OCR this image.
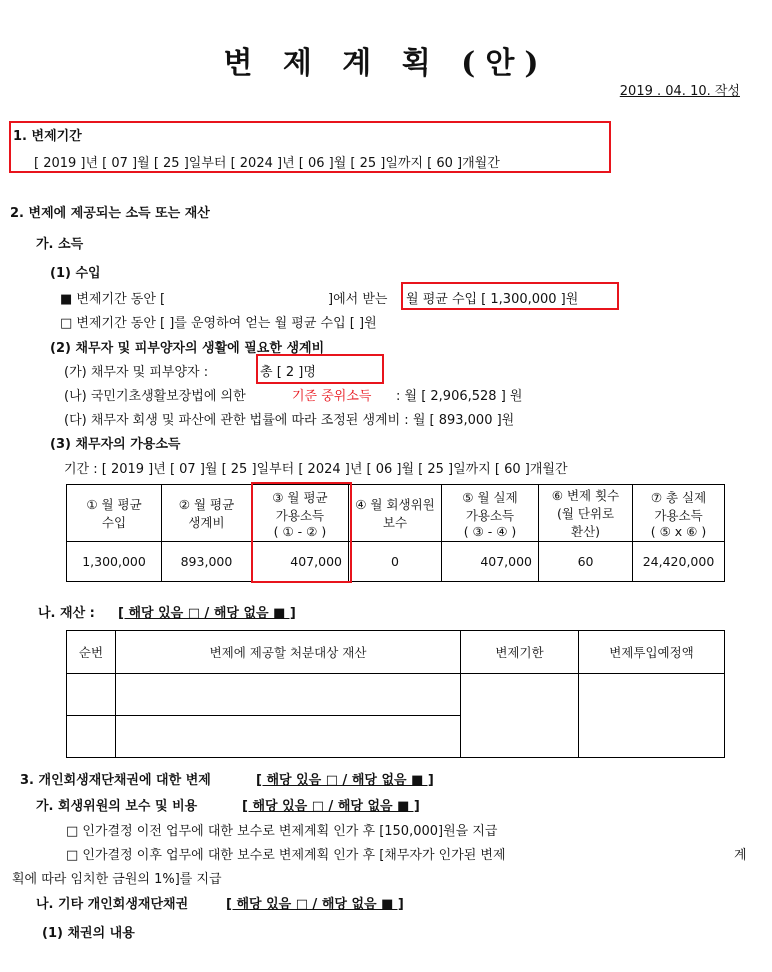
변 제 계 획 (안)
2019 . 04. 10. 작성
1. 변제기간
[ 2019 ]년 [ 07 ]월 [ 25 ]일부터 [ 2024 ]년 [ 06 ]월 [ 25 ]일까지 [ 60 ]개월간
2. 변제에 제공되는 소득 또는 재산
가. 소득
(1) 수입
■ 변제기간 동안 [	]에서 받는 월 평균 수입 [ 1,300,000 ]원
□ 변제기간 동안 [ ]를 운영하여 얻는 월 평균 수입 [ ]원
(2) 채무자 및 피부양자의 생활에 필요한 생계비
(가) 채무자 및 피부양자 :	총 [ 2 ]명
(나) 국민기초생활보장법에 의한	기준 중위소득 : 월 [ 2,906,528 ] 원
(다) 채무자 회생 및 파산에 관한 법률에 따라 조정된 생계비 : 월 [ 893,000 ]원
(3) 채무자의 가용소득
기간 : [ 2019 ]년 [ 07 ]월 [ 25 ]일부터 [ 2024 ]년 [ 06 ]월 [ 25 ]일까지 [ 60 ]개월간
① 월 평균
수입	② 월 평균
생계비	③ 월 평균
가용소득
( ① - ② )	④ 월 회생위원
보수	⑤ 월 실제
가용소득
( ③ - ④ )	⑥ 변제 횟수
(월 단위로
환산)	⑦ 총 실제
가용소득
( ⑤ x ⑥ )
1,300,000	893,000	407,000	0	407,000	60	24,420,000
나. 재산 : [ 해당 있음 □ / 해당 없음 ■ ]
순번	변제에 제공할 처분대상 재산	변제기한	변제투입예정액

3. 개인회생재단채권에 대한 변제	[ 해당 있음 □ / 해당 없음 ■ ]
가. 회생위원의 보수 및 비용	[ 해당 있음 □ / 해당 없음 ■ ]
□ 인가결정 이전 업무에 대한 보수로 변제계획 인가 후 [150,000]원을 지급
□ 인가결정 이후 업무에 대한 보수로 변제계획 인가 후 [채무자가 인가된 변제	계
획에 따라 임치한 금원의 1%]를 지급
나. 기타 개인회생재단채권	[ 해당 있음 □ / 해당 없음 ■ ]
(1) 채권의 내용
